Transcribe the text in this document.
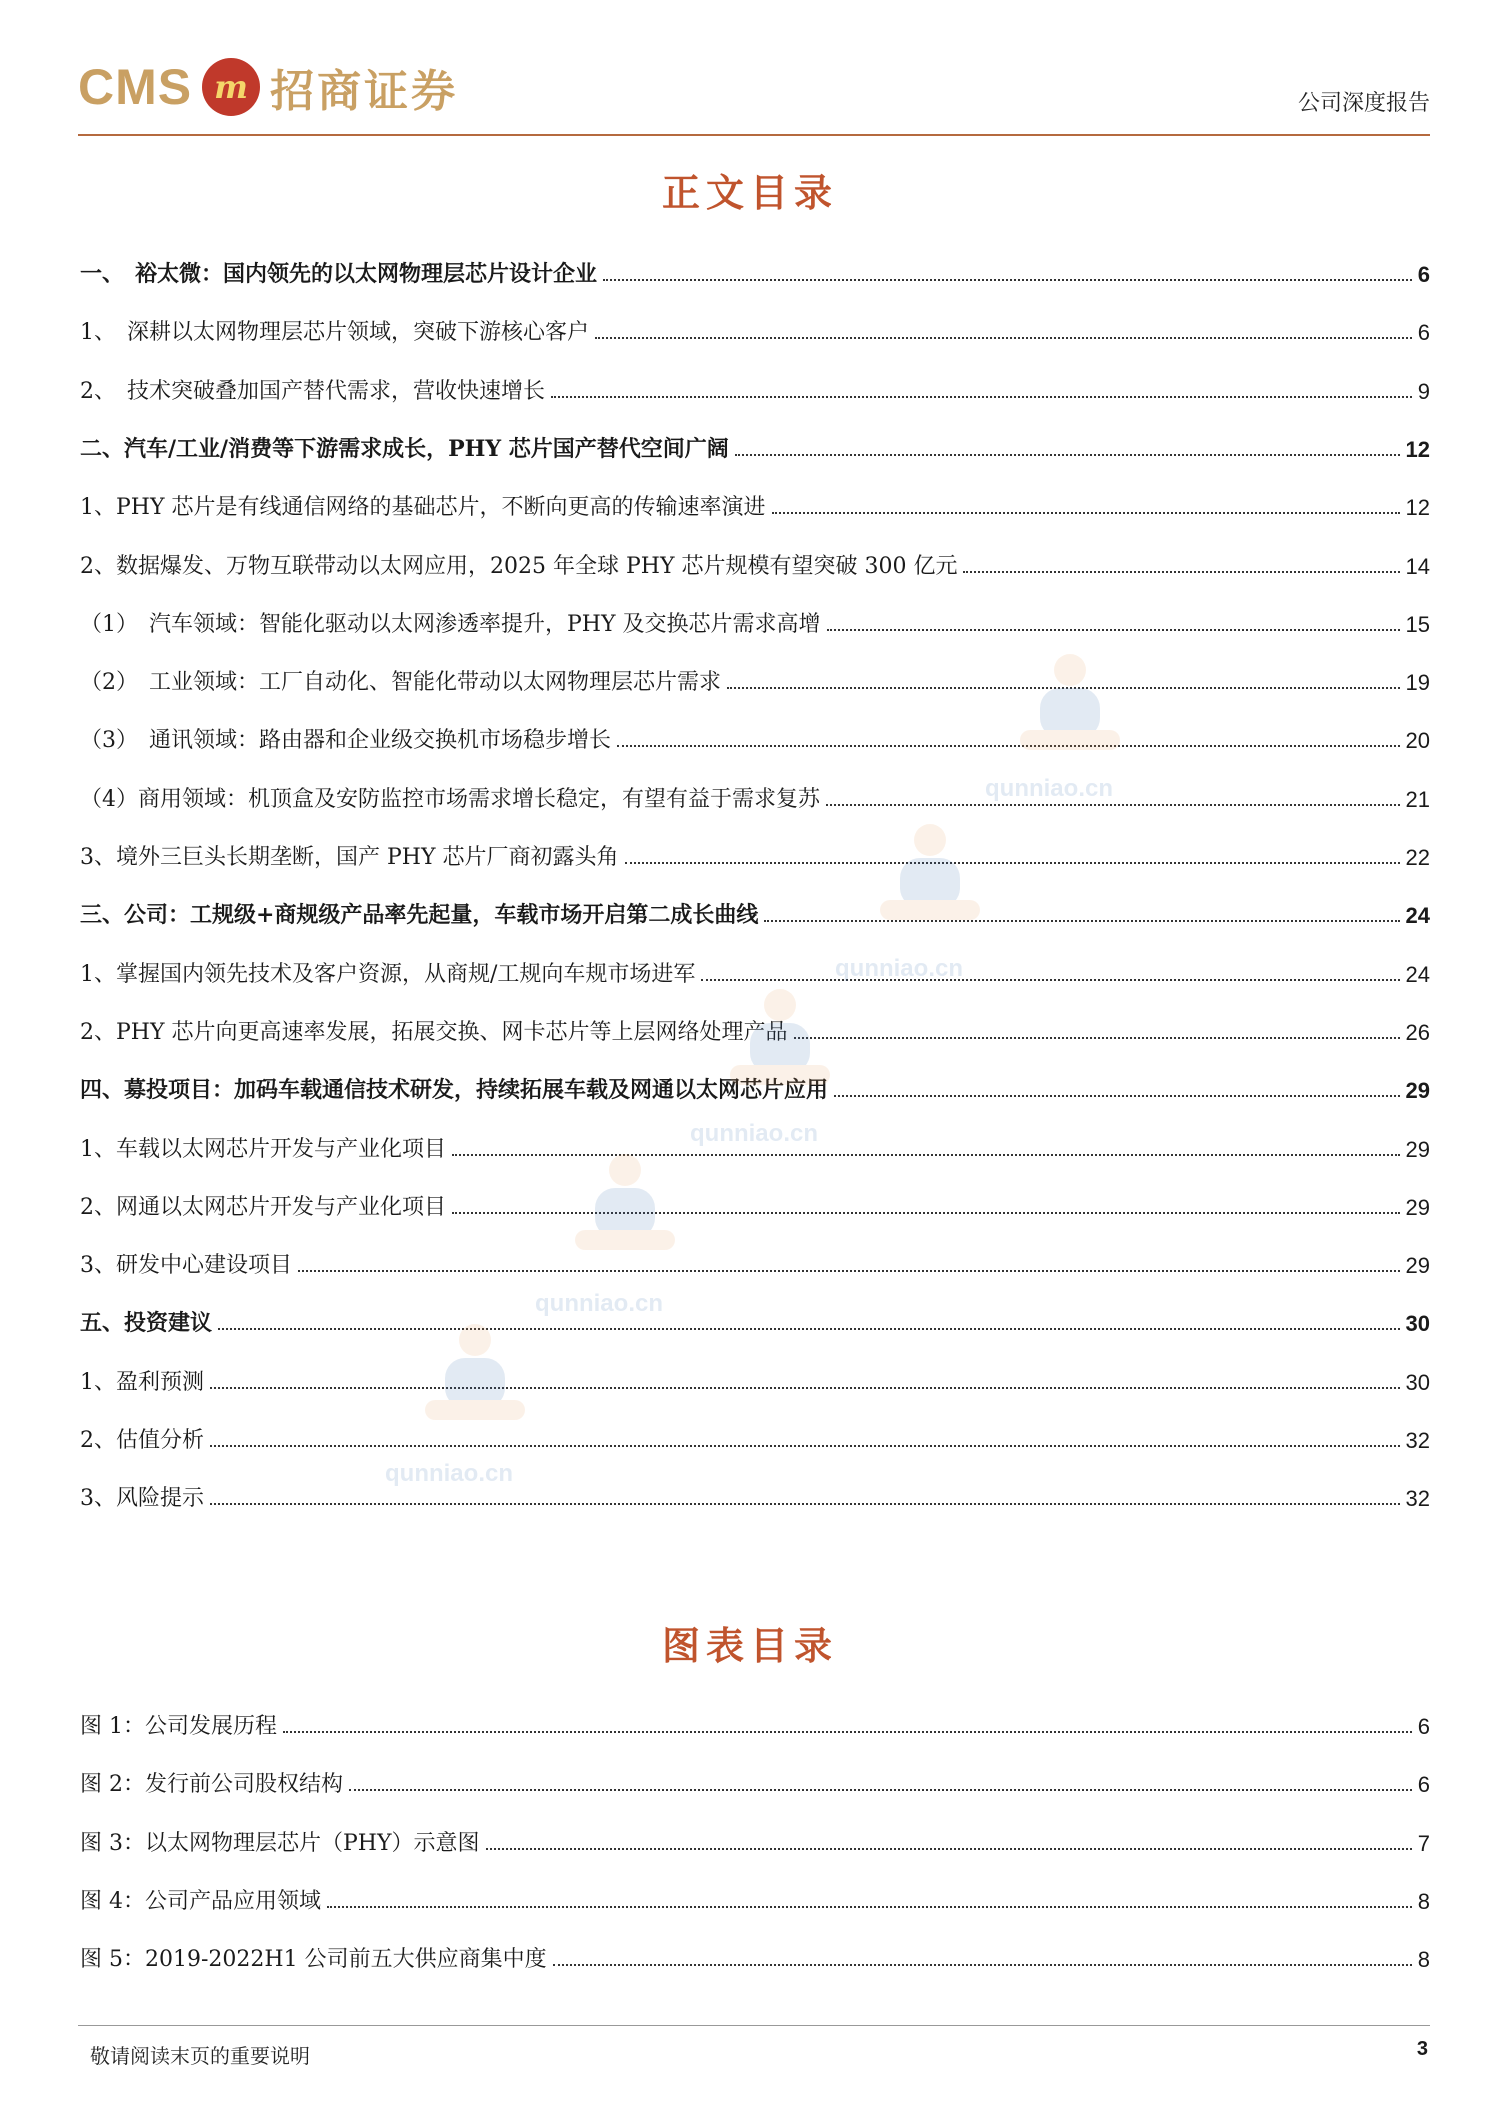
CMS m 招商证券	公司深度报告
正文目录
一、　裕太微：国内领先的以太网物理层芯片设计企业	6
1、　深耕以太网物理层芯片领域，突破下游核心客户	6
2、　技术突破叠加国产替代需求，营收快速增长	9
二、汽车/工业/消费等下游需求成长，PHY 芯片国产替代空间广阔	12
1、PHY 芯片是有线通信网络的基础芯片，不断向更高的传输速率演进	12
2、数据爆发、万物互联带动以太网应用，2025 年全球 PHY 芯片规模有望突破 300 亿元	14
（1）　汽车领域：智能化驱动以太网渗透率提升，PHY 及交换芯片需求高增	15
（2）　工业领域：工厂自动化、智能化带动以太网物理层芯片需求	19
（3）　通讯领域：路由器和企业级交换机市场稳步增长	20
（4）商用领域：机顶盒及安防监控市场需求增长稳定，有望有益于需求复苏	21
3、境外三巨头长期垄断，国产 PHY 芯片厂商初露头角	22
三、公司：工规级+商规级产品率先起量，车载市场开启第二成长曲线	24
1、掌握国内领先技术及客户资源，从商规/工规向车规市场进军	24
2、PHY 芯片向更高速率发展，拓展交换、网卡芯片等上层网络处理产品	26
四、募投项目：加码车载通信技术研发，持续拓展车载及网通以太网芯片应用	29
1、车载以太网芯片开发与产业化项目	29
2、网通以太网芯片开发与产业化项目	29
3、研发中心建设项目	29
五、投资建议	30
1、盈利预测	30
2、估值分析	32
3、风险提示	32
图表目录
图 1：公司发展历程	6
图 2：发行前公司股权结构	6
图 3：以太网物理层芯片（PHY）示意图	7
图 4：公司产品应用领域	8
图 5：2019-2022H1 公司前五大供应商集中度	8
qunniao.cn
qunniao.cn
qunniao.cn
qunniao.cn
qunniao.cn
敬请阅读末页的重要说明	3
